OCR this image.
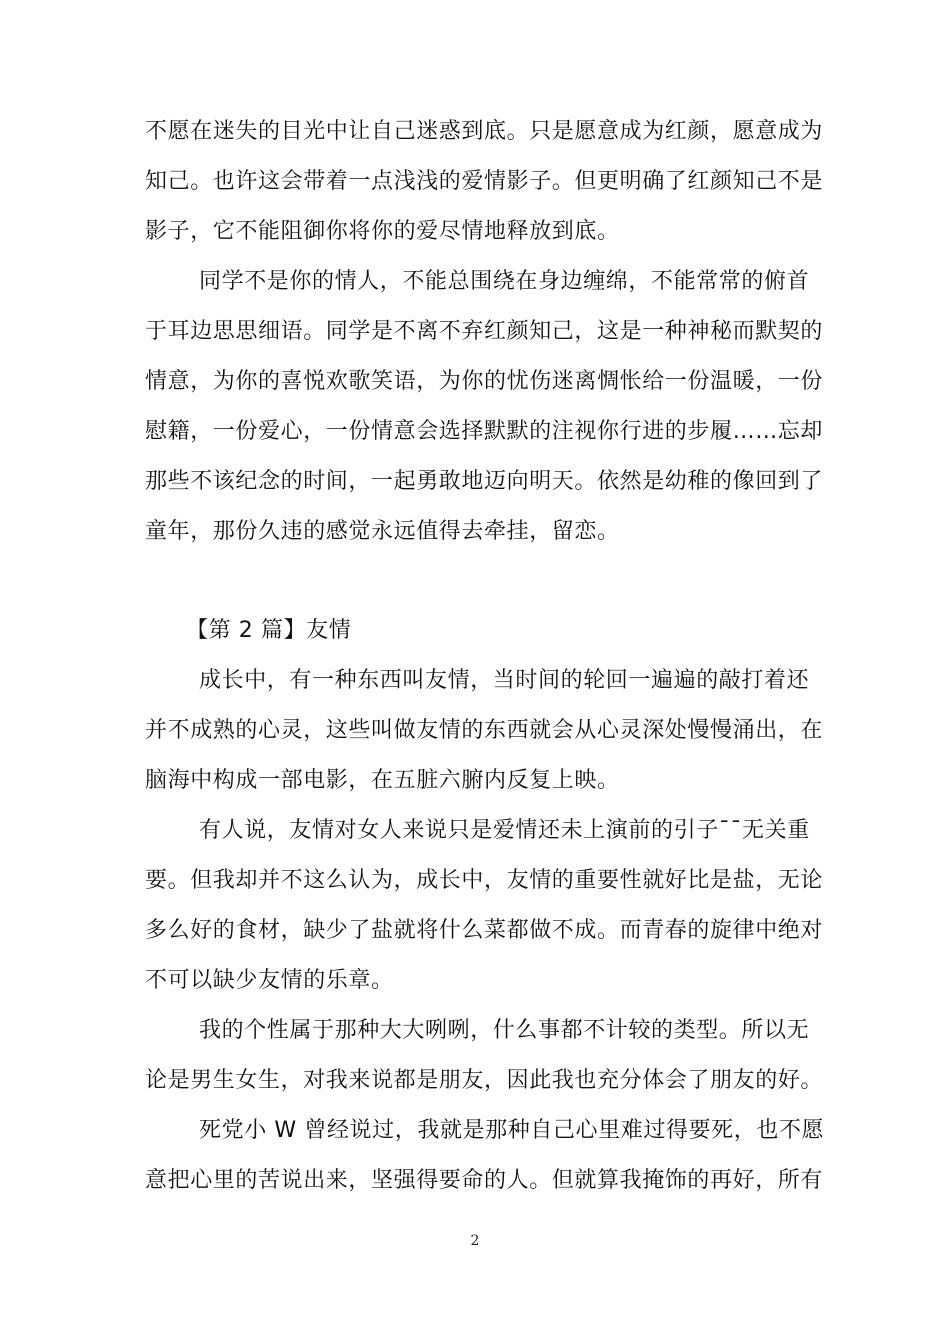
不愿在迷失的目光中让自己迷惑到底。只是愿意成为红颜，愿意成为
知己。也许这会带着一点浅浅的爱情影子。但更明确了红颜知己不是
影子，它不能阻御你将你的爱尽情地释放到底。
同学不是你的情人，不能总围绕在身边缠绵，不能常常的俯首
于耳边思思细语。同学是不离不弃红颜知己，这是一种神秘而默契的
情意，为你的喜悦欢歌笑语，为你的忧伤迷离惆怅给一份温暖，一份
慰籍，一份爱心，一份情意会选择默默的注视你行进的步履……忘却
那些不该纪念的时间，一起勇敢地迈向明天。依然是幼稚的像回到了
童年，那份久违的感觉永远值得去牵挂，留恋。
【第 2 篇】友情
成长中，有一种东西叫友情，当时间的轮回一遍遍的敲打着还
并不成熟的心灵，这些叫做友情的东西就会从心灵深处慢慢涌出，在
脑海中构成一部电影，在五脏六腑内反复上映。
有人说，友情对女人来说只是爱情还未上演前的引子¯¯无关重
要。但我却并不这么认为，成长中，友情的重要性就好比是盐，无论
多么好的食材，缺少了盐就将什么菜都做不成。而青春的旋律中绝对
不可以缺少友情的乐章。
我的个性属于那种大大咧咧，什么事都不计较的类型。所以无
论是男生女生，对我来说都是朋友，因此我也充分体会了朋友的好。
死党小 W 曾经说过，我就是那种自己心里难过得要死，也不愿
意把心里的苦说出来，坚强得要命的人。但就算我掩饰的再好，所有
2
